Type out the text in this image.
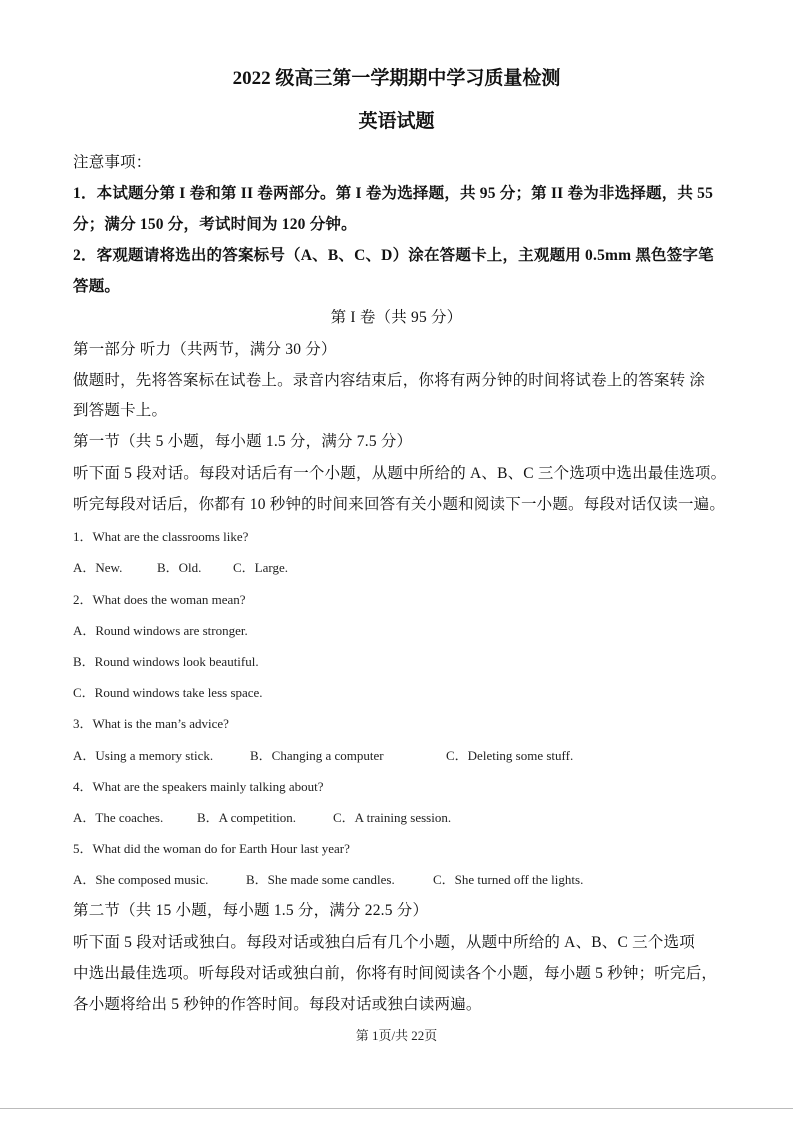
2022 级高三第一学期期中学习质量检测
英语试题
注意事项：
1．本试题分第 I 卷和第 II 卷两部分。第 I 卷为选择题，共 95 分；第 II 卷为非选择题，共 55
分；满分 150 分，考试时间为 120 分钟。
2．客观题请将选出的答案标号（A、B、C、D）涂在答题卡上，主观题用 0.5mm 黑色签字笔
答题。
第 I 卷（共 95 分）
第一部分 听力（共两节，满分 30 分）
做题时，先将答案标在试卷上。录音内容结束后，你将有两分钟的时间将试卷上的答案转 涂
到答题卡上。
第一节（共 5 小题，每小题 1.5 分，满分 7.5 分）
听下面 5 段对话。每段对话后有一个小题，从题中所给的 A、B、C 三个选项中选出最佳选项。
听完每段对话后，你都有 10 秒钟的时间来回答有关小题和阅读下一小题。每段对话仅读一遍。
1．What are the classrooms like?
A．New.	B．Old. C．Large.
2．What does the woman mean?
A．Round windows are stronger.
B．Round windows look beautiful.
C．Round windows take less space.
3．What is the man’s advice?
A．Using a memory stick.	B．Changing a computer	C．Deleting some stuff.
4．What are the speakers mainly talking about?
A．The coaches.	B．A competition.	C．A training session.
5．What did the woman do for Earth Hour last year?
A．She composed music.	B．She made some candles.	C．She turned off the lights.
第二节（共 15 小题，每小题 1.5 分，满分 22.5 分）
听下面 5 段对话或独白。每段对话或独白后有几个小题，从题中所给的 A、B、C 三个选项
中选出最佳选项。听每段对话或独白前，你将有时间阅读各个小题，每小题 5 秒钟；听完后，
各小题将给出 5 秒钟的作答时间。每段对话或独白读两遍。
第 1页/共 22页
